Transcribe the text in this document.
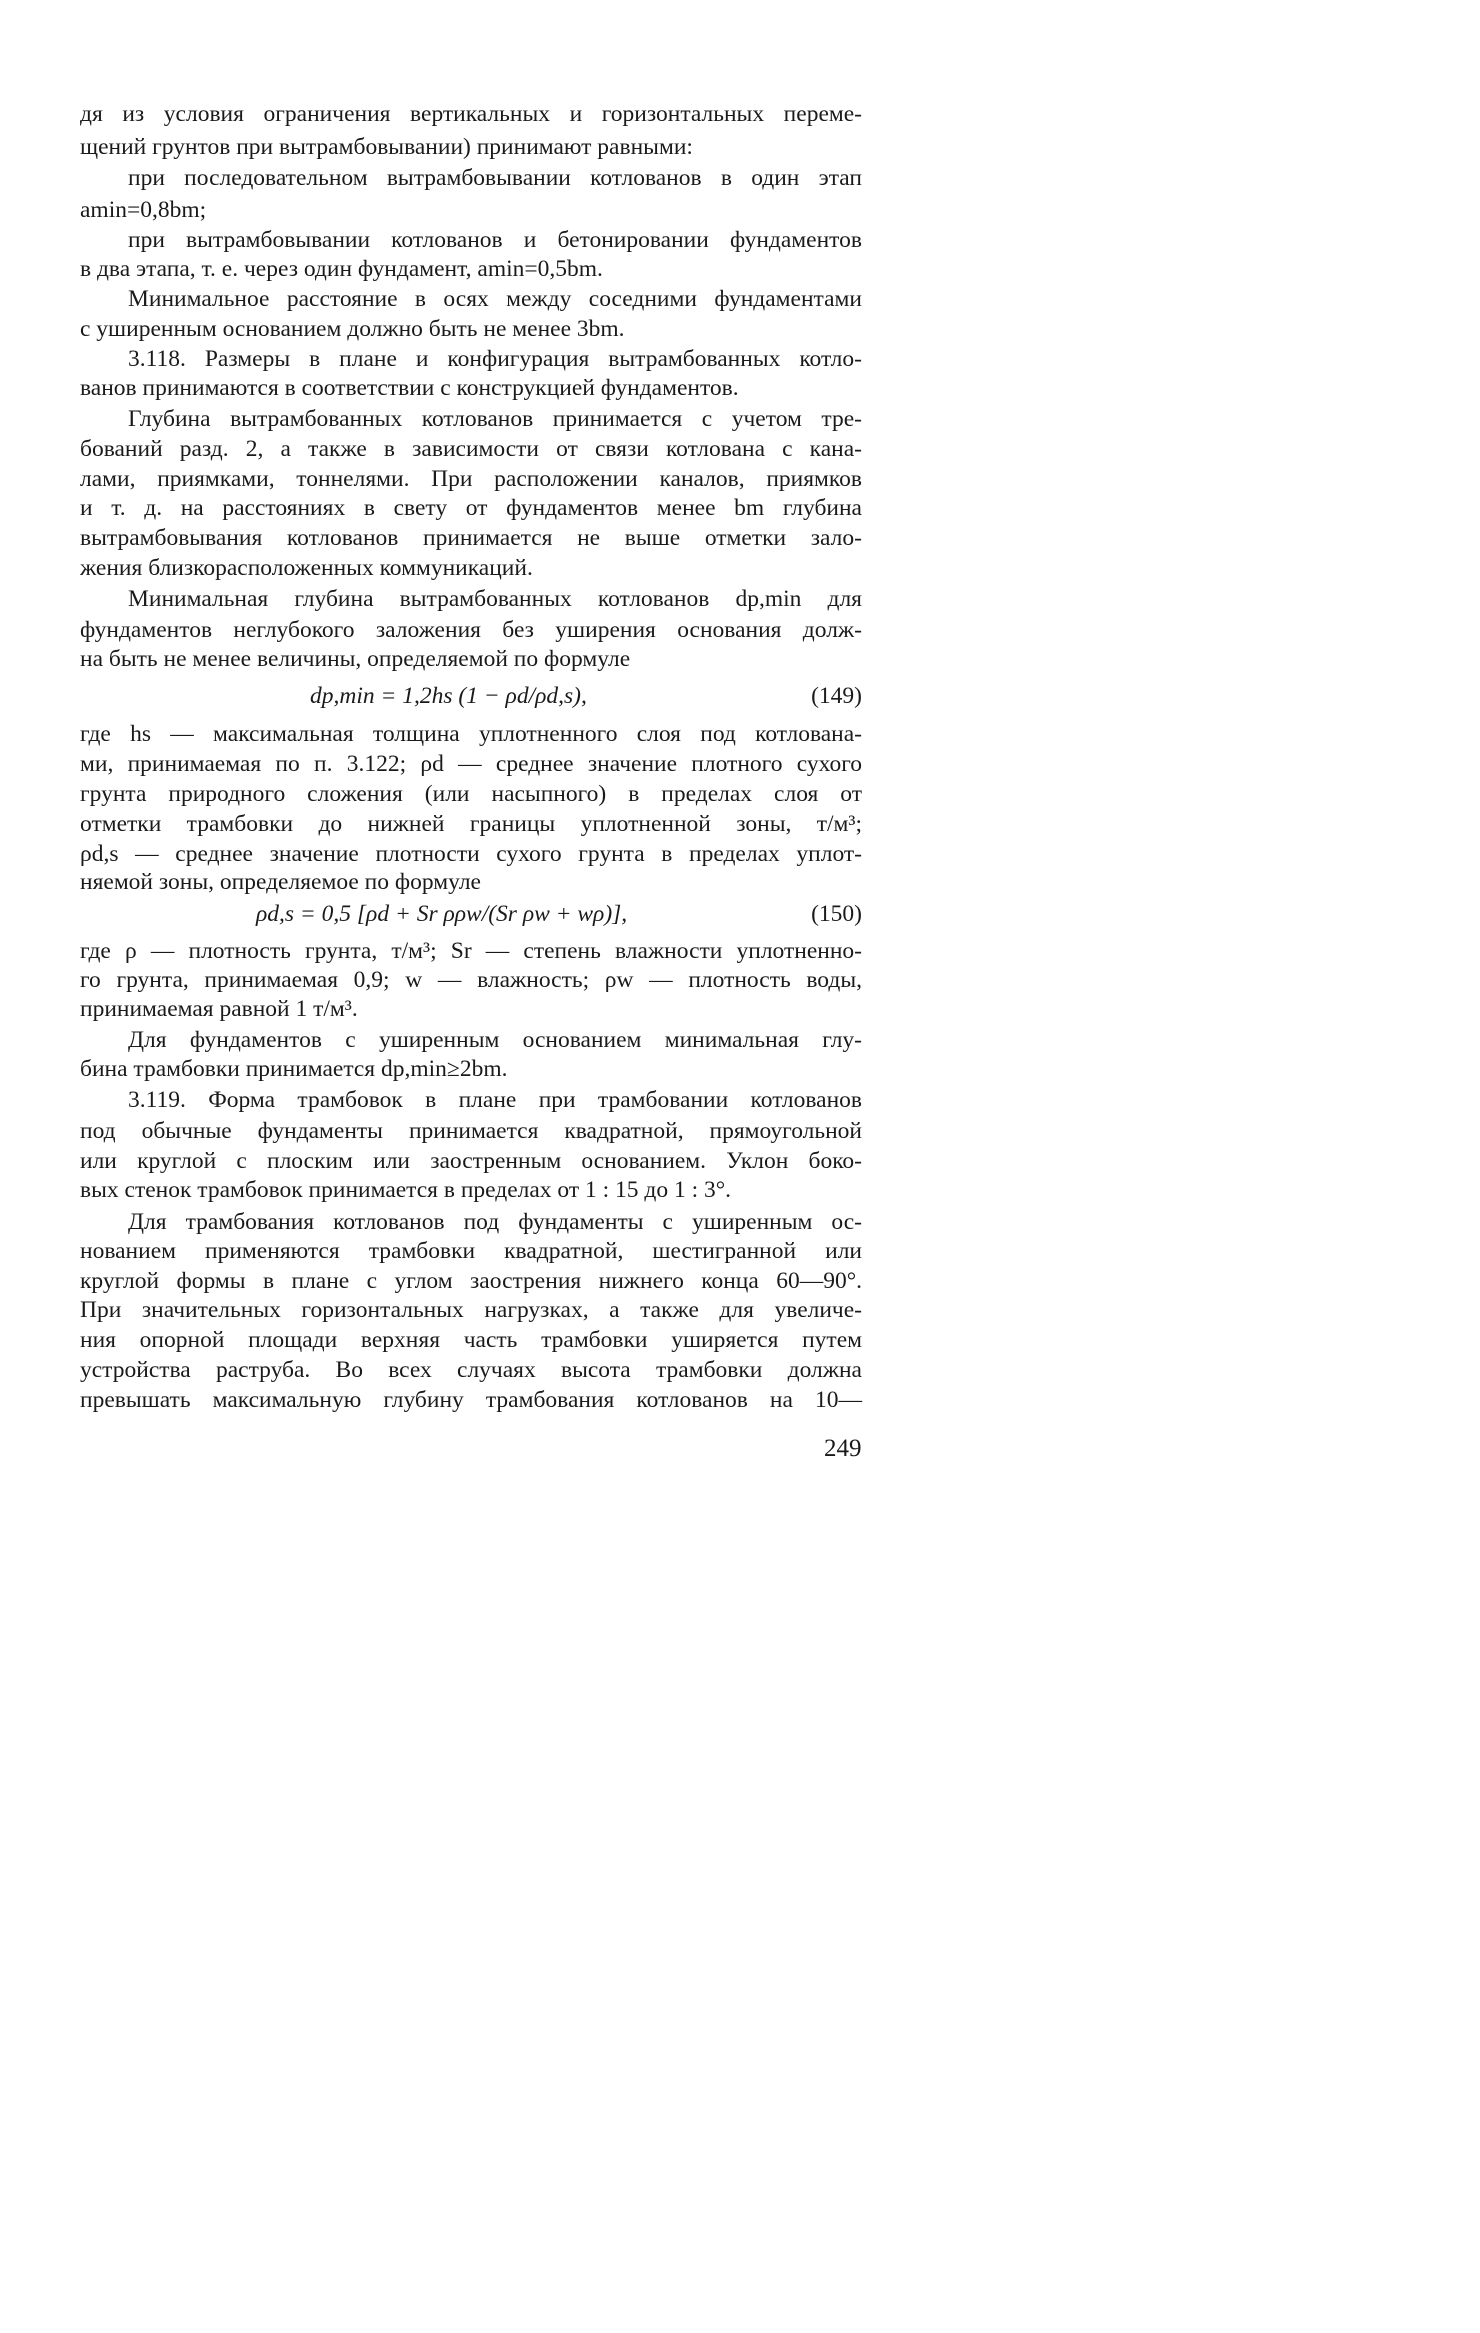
дя из условия ограничения вертикальных и горизонтальных переме-
щений грунтов при вытрамбовывании) принимают равными:
при последовательном вытрамбовывании котлованов в один этап
amin=0,8bm;
при вытрамбовывании котлованов и бетонировании фундаментов
в два этапа, т. е. через один фундамент, amin=0,5bm.
Минимальное расстояние в осях между соседними фундаментами
с уширенным основанием должно быть не менее 3bm.
3.118. Размеры в плане и конфигурация вытрамбованных котло-
ванов принимаются в соответствии с конструкцией фундаментов.
Глубина вытрамбованных котлованов принимается с учетом тре-
бований разд. 2, а также в зависимости от связи котлована с кана-
лами, приямками, тоннелями. При расположении каналов, приямков
и т. д. на расстояниях в свету от фундаментов менее bm глубина
вытрамбовывания котлованов принимается не выше отметки зало-
жения близкорасположенных коммуникаций.
Минимальная глубина вытрамбованных котлованов dp,min для
фундаментов неглубокого заложения без уширения основания долж-
на быть не менее величины, определяемой по формуле
dp,min = 1,2hs (1 − ρd/ρd,s),	(149)
где hs — максимальная толщина уплотненного слоя под котлована-
ми, принимаемая по п. 3.122; ρd — среднее значение плотного сухого
грунта природного сложения (или насыпного) в пределах слоя от
отметки трамбовки до нижней границы уплотненной зоны, т/м³;
ρd,s — среднее значение плотности сухого грунта в пределах уплот-
няемой зоны, определяемое по формуле
ρd,s = 0,5 [ρd + Sr ρρw/(Sr ρw + wρ)],	(150)
где ρ — плотность грунта, т/м³; Sr — степень влажности уплотненно-
го грунта, принимаемая 0,9; w — влажность; ρw — плотность воды,
принимаемая равной 1 т/м³.
Для фундаментов с уширенным основанием минимальная глу-
бина трамбовки принимается dp,min≥2bm.
3.119. Форма трамбовок в плане при трамбовании котлованов
под обычные фундаменты принимается квадратной, прямоугольной
или круглой с плоским или заостренным основанием. Уклон боко-
вых стенок трамбовок принимается в пределах от 1 : 15 до 1 : 3°.
Для трамбования котлованов под фундаменты с уширенным ос-
нованием применяются трамбовки квадратной, шестигранной или
круглой формы в плане с углом заострения нижнего конца 60—90°.
При значительных горизонтальных нагрузках, а также для увеличе-
ния опорной площади верхняя часть трамбовки уширяется путем
устройства раструба. Во всех случаях высота трамбовки должна
превышать максимальную глубину трамбования котлованов на 10—
249
